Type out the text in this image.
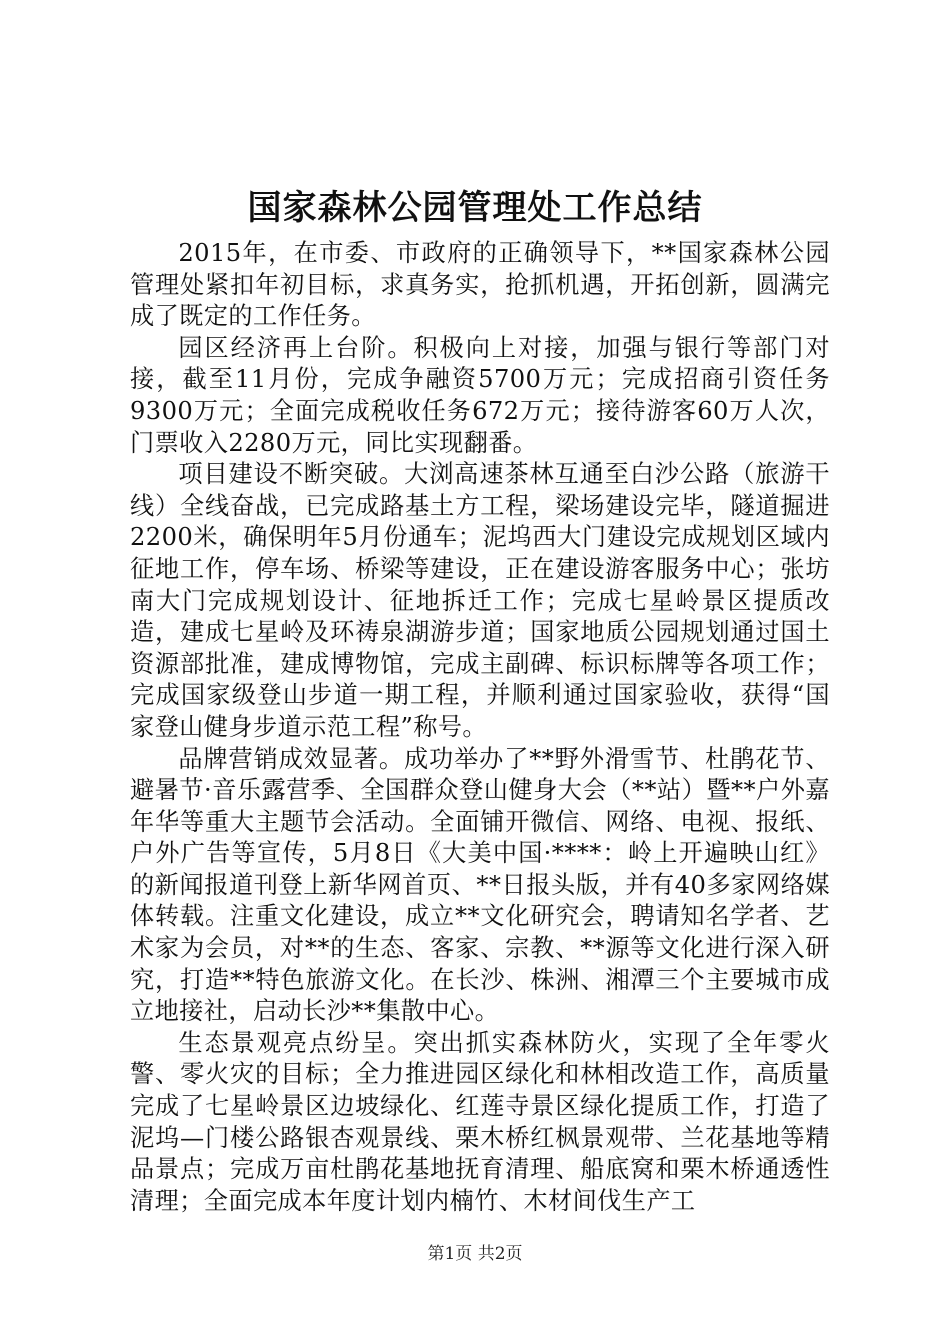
国家森林公园管理处工作总结

2015年，在市委、市政府的正确领导下，**国家森林公园管理处紧扣年初目标，求真务实，抢抓机遇，开拓创新，圆满完成了既定的工作任务。

园区经济再上台阶。积极向上对接，加强与银行等部门对接，截至11月份，完成争融资5700万元；完成招商引资任务9300万元；全面完成税收任务672万元；接待游客60万人次，门票收入2280万元，同比实现翻番。

项目建设不断突破。大浏高速茶林互通至白沙公路（旅游干线）全线奋战，已完成路基土方工程，梁场建设完毕，隧道掘进2200米，确保明年5月份通车；泥坞西大门建设完成规划区域内征地工作，停车场、桥梁等建设，正在建设游客服务中心；张坊南大门完成规划设计、征地拆迁工作；完成七星岭景区提质改造，建成七星岭及环祷泉湖游步道；国家地质公园规划通过国土资源部批准，建成博物馆，完成主副碑、标识标牌等各项工作；完成国家级登山步道一期工程，并顺利通过国家验收，获得“国家登山健身步道示范工程”称号。

品牌营销成效显著。成功举办了**野外滑雪节、杜鹃花节、避暑节·音乐露营季、全国群众登山健身大会（**站）暨**户外嘉年华等重大主题节会活动。全面铺开微信、网络、电视、报纸、户外广告等宣传，5月8日《大美中国·****：岭上开遍映山红》的新闻报道刊登上新华网首页、**日报头版，并有40多家网络媒体转载。注重文化建设，成立**文化研究会，聘请知名学者、艺术家为会员，对**的生态、客家、宗教、**源等文化进行深入研究，打造**特色旅游文化。在长沙、株洲、湘潭三个主要城市成立地接社，启动长沙**集散中心。

生态景观亮点纷呈。突出抓实森林防火，实现了全年零火警、零火灾的目标；全力推进园区绿化和林相改造工作，高质量完成了七星岭景区边坡绿化、红莲寺景区绿化提质工作，打造了泥坞—门楼公路银杏观景线、栗木桥红枫景观带、兰花基地等精品景点；完成万亩杜鹃花基地抚育清理、船底窝和栗木桥通透性清理；全面完成本年度计划内楠竹、木材间伐生产工

第1页 共2页
